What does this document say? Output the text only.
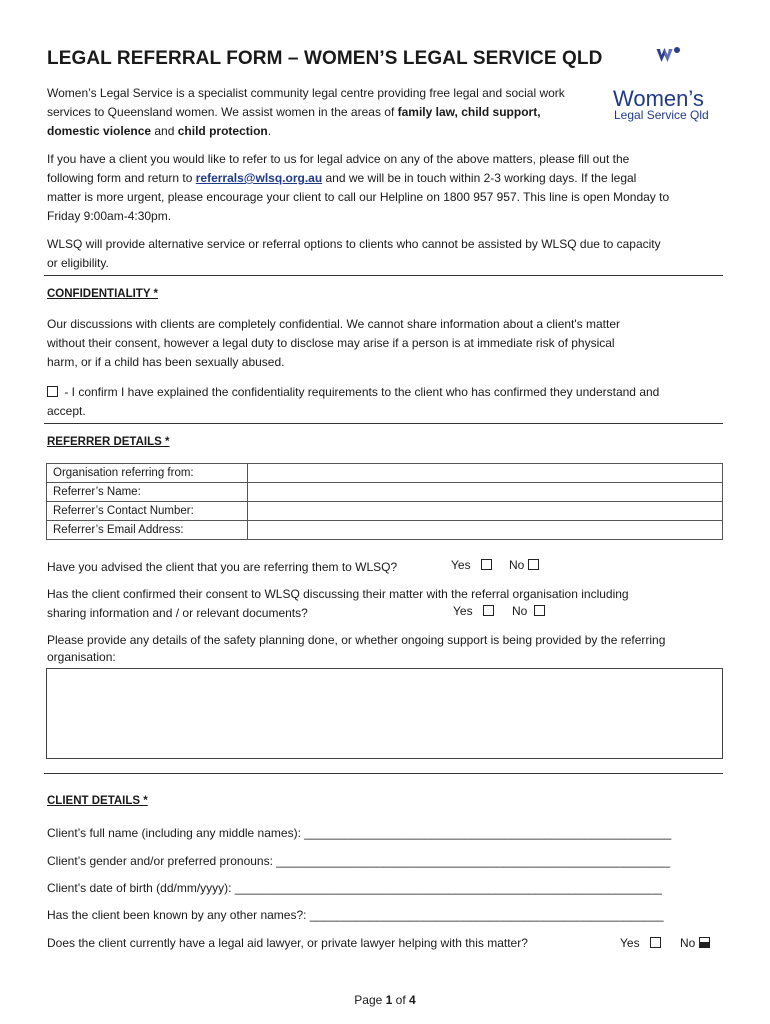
LEGAL REFERRAL FORM – WOMEN’S LEGAL SERVICE QLD
Women’s
Legal Service Qld
Women’s Legal Service is a specialist community legal centre providing free legal and social work
services to Queensland women. We assist women in the areas of family law, child support,
domestic violence and child protection.
If you have a client you would like to refer to us for legal advice on any of the above matters, please fill out the
following form and return to referrals@wlsq.org.au and we will be in touch within 2-3 working days. If the legal
matter is more urgent, please encourage your client to call our Helpline on 1800 957 957. This line is open Monday to
Friday 9:00am-4:30pm.
WLSQ will provide alternative service or referral options to clients who cannot be assisted by WLSQ due to capacity
or eligibility.
CONFIDENTIALITY *
Our discussions with clients are completely confidential. We cannot share information about a client's matter
without their consent, however a legal duty to disclose may arise if a person is at immediate risk of physical
harm, or if a child has been sexually abused.
- I confirm I have explained the confidentiality requirements to the client who has confirmed they understand and
accept.
REFERRER DETAILS *
Organisation referring from:	
Referrer’s Name:	
Referrer’s Contact Number:	
Referrer’s Email Address:	
Have you advised the client that you are referring them to WLSQ?	Yes	No
Has the client confirmed their consent to WLSQ discussing their matter with the referral organisation including
sharing information and / or relevant documents?	Yes	No
Please provide any details of the safety planning done, or whether ongoing support is being provided by the referring
organisation:
CLIENT DETAILS *
Client’s full name (including any middle names): _______________________________________________________
Client’s gender and/or preferred pronouns: ___________________________________________________________
Client’s date of birth (dd/mm/yyyy): ________________________________________________________________
Has the client been known by any other names?: _____________________________________________________
Does the client currently have a legal aid lawyer, or private lawyer helping with this matter?	Yes	No
Page 1 of 4
